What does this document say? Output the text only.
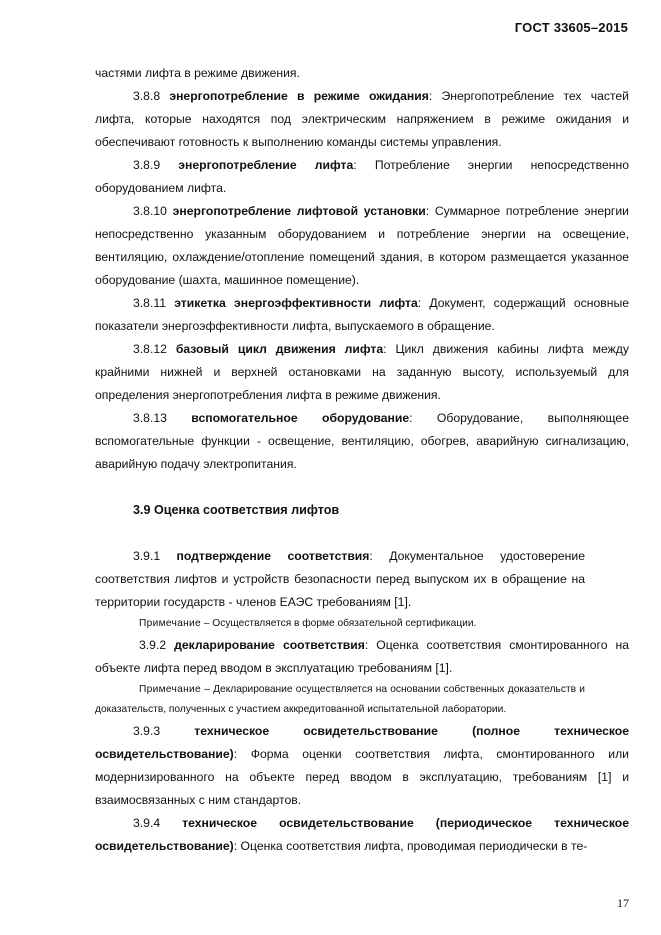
ГОСТ 33605–2015

частями лифта в режиме движения.

3.8.8 энергопотребление в режиме ожидания: Энергопотребление тех частей лифта, которые находятся под электрическим напряжением в режиме ожидания и обеспечивают готовность к выполнению команды системы управления.

3.8.9 энергопотребление лифта: Потребление энергии непосредственно оборудованием лифта.

3.8.10 энергопотребление лифтовой установки: Суммарное потребление энергии непосредственно указанным оборудованием и потребление энергии на освещение, вентиляцию, охлаждение/отопление помещений здания, в котором размещается указанное оборудование (шахта, машинное помещение).

3.8.11 этикетка энергоэффективности лифта: Документ, содержащий основные показатели энергоэффективности лифта, выпускаемого в обращение.

3.8.12 базовый цикл движения лифта: Цикл движения кабины лифта между крайними нижней и верхней остановками на заданную высоту, используемый для определения энергопотребления лифта в режиме движения.

3.8.13 вспомогательное оборудование: Оборудование, выполняющее вспомогательные функции - освещение, вентиляцию, обогрев, аварийную сигнализацию, аварийную подачу электропитания.

3.9 Оценка соответствия лифтов

3.9.1 подтверждение соответствия: Документальное удостоверение соответствия лифтов и устройств безопасности перед выпуском их в обращение на территории государств - членов ЕАЭС требованиям [1].

Примечание – Осуществляется в форме обязательной сертификации.

3.9.2 декларирование соответствия: Оценка соответствия смонтированного на объекте лифта перед вводом в эксплуатацию требованиям [1].

Примечание – Декларирование осуществляется на основании собственных доказательств и доказательств, полученных с участием аккредитованной испытательной лаборатории.

3.9.3	техническое освидетельствование (полное техническое освидетельствование): Форма оценки соответствия лифта, смонтированного или модернизированного на объекте перед вводом в эксплуатацию, требованиям [1] и взаимосвязанных с ним стандартов.

3.9.4 техническое освидетельствование (периодическое техническое освидетельствование): Оценка соответствия лифта, проводимая периодически в те-

17
